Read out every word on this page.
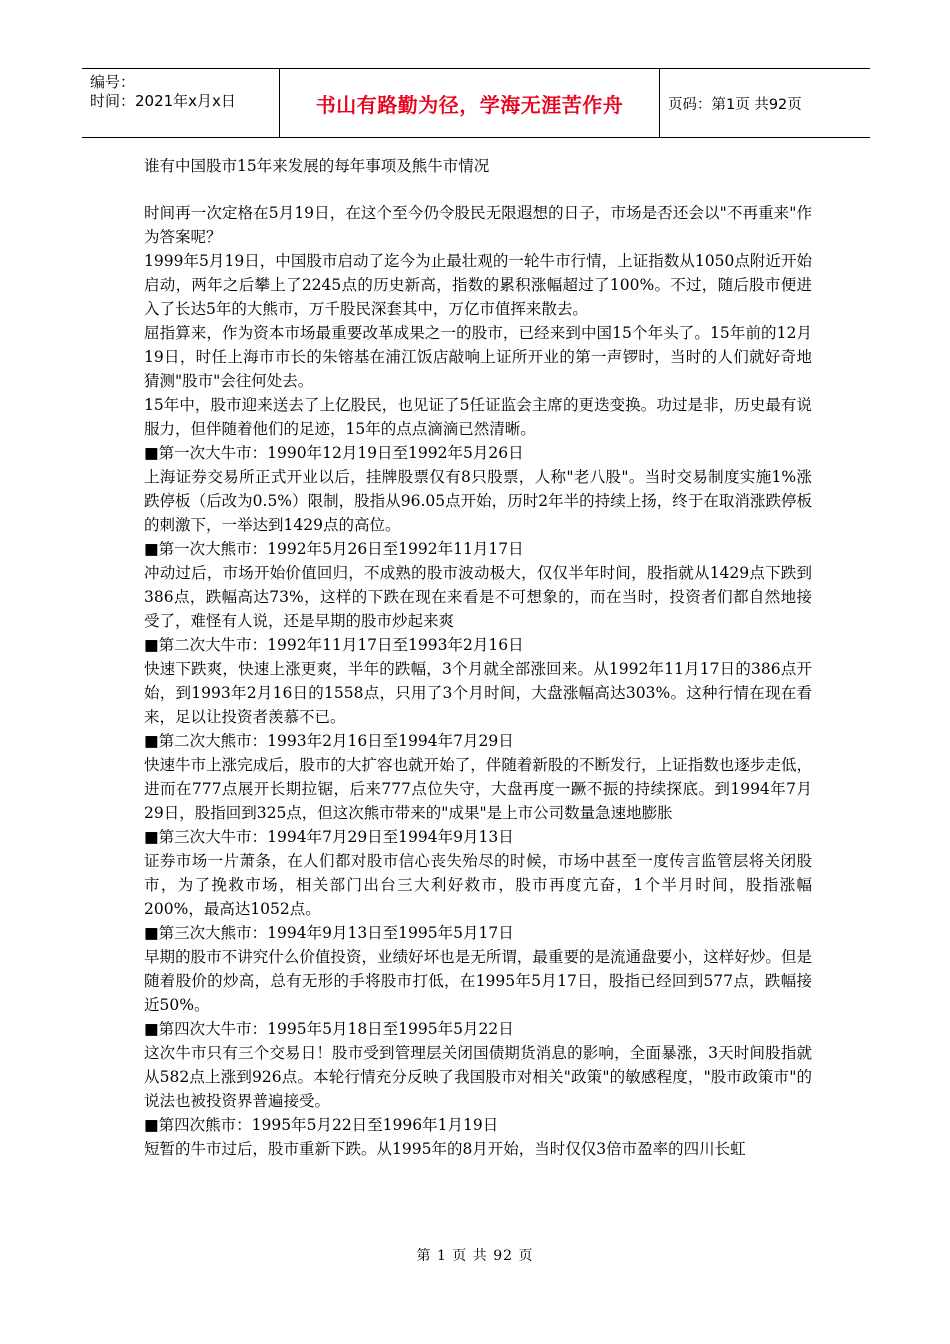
编号：
时间：2021年x月x日	书山有路勤为径，学海无涯苦作舟	页码：第1页 共92页
谁有中国股市15年来发展的每年事项及熊牛市情况

时间再一次定格在5月19日，在这个至今仍令股民无限遐想的日子，市场是否还会以"不再重来"作为答案呢？

1999年5月19日，中国股市启动了迄今为止最壮观的一轮牛市行情，上证指数从1050点附近开始启动，两年之后攀上了2245点的历史新高，指数的累积涨幅超过了100%。不过，随后股市便进入了长达5年的大熊市，万千股民深套其中，万亿市值挥来散去。

屈指算来，作为资本市场最重要改革成果之一的股市，已经来到中国15个年头了。15年前的12月19日，时任上海市市长的朱镕基在浦江饭店敲响上证所开业的第一声锣时，当时的人们就好奇地猜测"股市"会往何处去。

15年中，股市迎来送去了上亿股民，也见证了5任证监会主席的更迭变换。功过是非，历史最有说服力，但伴随着他们的足迹，15年的点点滴滴已然清晰。

■第一次大牛市：1990年12月19日至1992年5月26日

上海证券交易所正式开业以后，挂牌股票仅有8只股票，人称"老八股"。当时交易制度实施1%涨跌停板（后改为0.5%）限制，股指从96.05点开始，历时2年半的持续上扬，终于在取消涨跌停板的刺激下，一举达到1429点的高位。

■第一次大熊市：1992年5月26日至1992年11月17日

冲动过后，市场开始价值回归，不成熟的股市波动极大，仅仅半年时间，股指就从1429点下跌到386点，跌幅高达73%，这样的下跌在现在来看是不可想象的，而在当时，投资者们都自然地接受了，难怪有人说，还是早期的股市炒起来爽

■第二次大牛市：1992年11月17日至1993年2月16日

快速下跌爽，快速上涨更爽，半年的跌幅，3个月就全部涨回来。从1992年11月17日的386点开始，到1993年2月16日的1558点，只用了3个月时间，大盘涨幅高达303%。这种行情在现在看来，足以让投资者羡慕不已。

■第二次大熊市：1993年2月16日至1994年7月29日

快速牛市上涨完成后，股市的大扩容也就开始了，伴随着新股的不断发行，上证指数也逐步走低，进而在777点展开长期拉锯，后来777点位失守，大盘再度一蹶不振的持续探底。到1994年7月29日，股指回到325点，但这次熊市带来的"成果"是上市公司数量急速地膨胀

■第三次大牛市：1994年7月29日至1994年9月13日

证券市场一片萧条，在人们都对股市信心丧失殆尽的时候，市场中甚至一度传言监管层将关闭股市，为了挽救市场，相关部门出台三大利好救市，股市再度亢奋，1个半月时间，股指涨幅200%，最高达1052点。

■第三次大熊市：1994年9月13日至1995年5月17日

早期的股市不讲究什么价值投资，业绩好坏也是无所谓，最重要的是流通盘要小，这样好炒。但是随着股价的炒高，总有无形的手将股市打低，在1995年5月17日，股指已经回到577点，跌幅接近50%。

■第四次大牛市：1995年5月18日至1995年5月22日

这次牛市只有三个交易日！股市受到管理层关闭国债期货消息的影响，全面暴涨，3天时间股指就从582点上涨到926点。本轮行情充分反映了我国股市对相关"政策"的敏感程度，"股市政策市"的说法也被投资界普遍接受。

■第四次熊市：1995年5月22日至1996年1月19日

短暂的牛市过后，股市重新下跌。从1995年的8月开始，当时仅仅3倍市盈率的四川长虹

第 1 页 共 92 页
